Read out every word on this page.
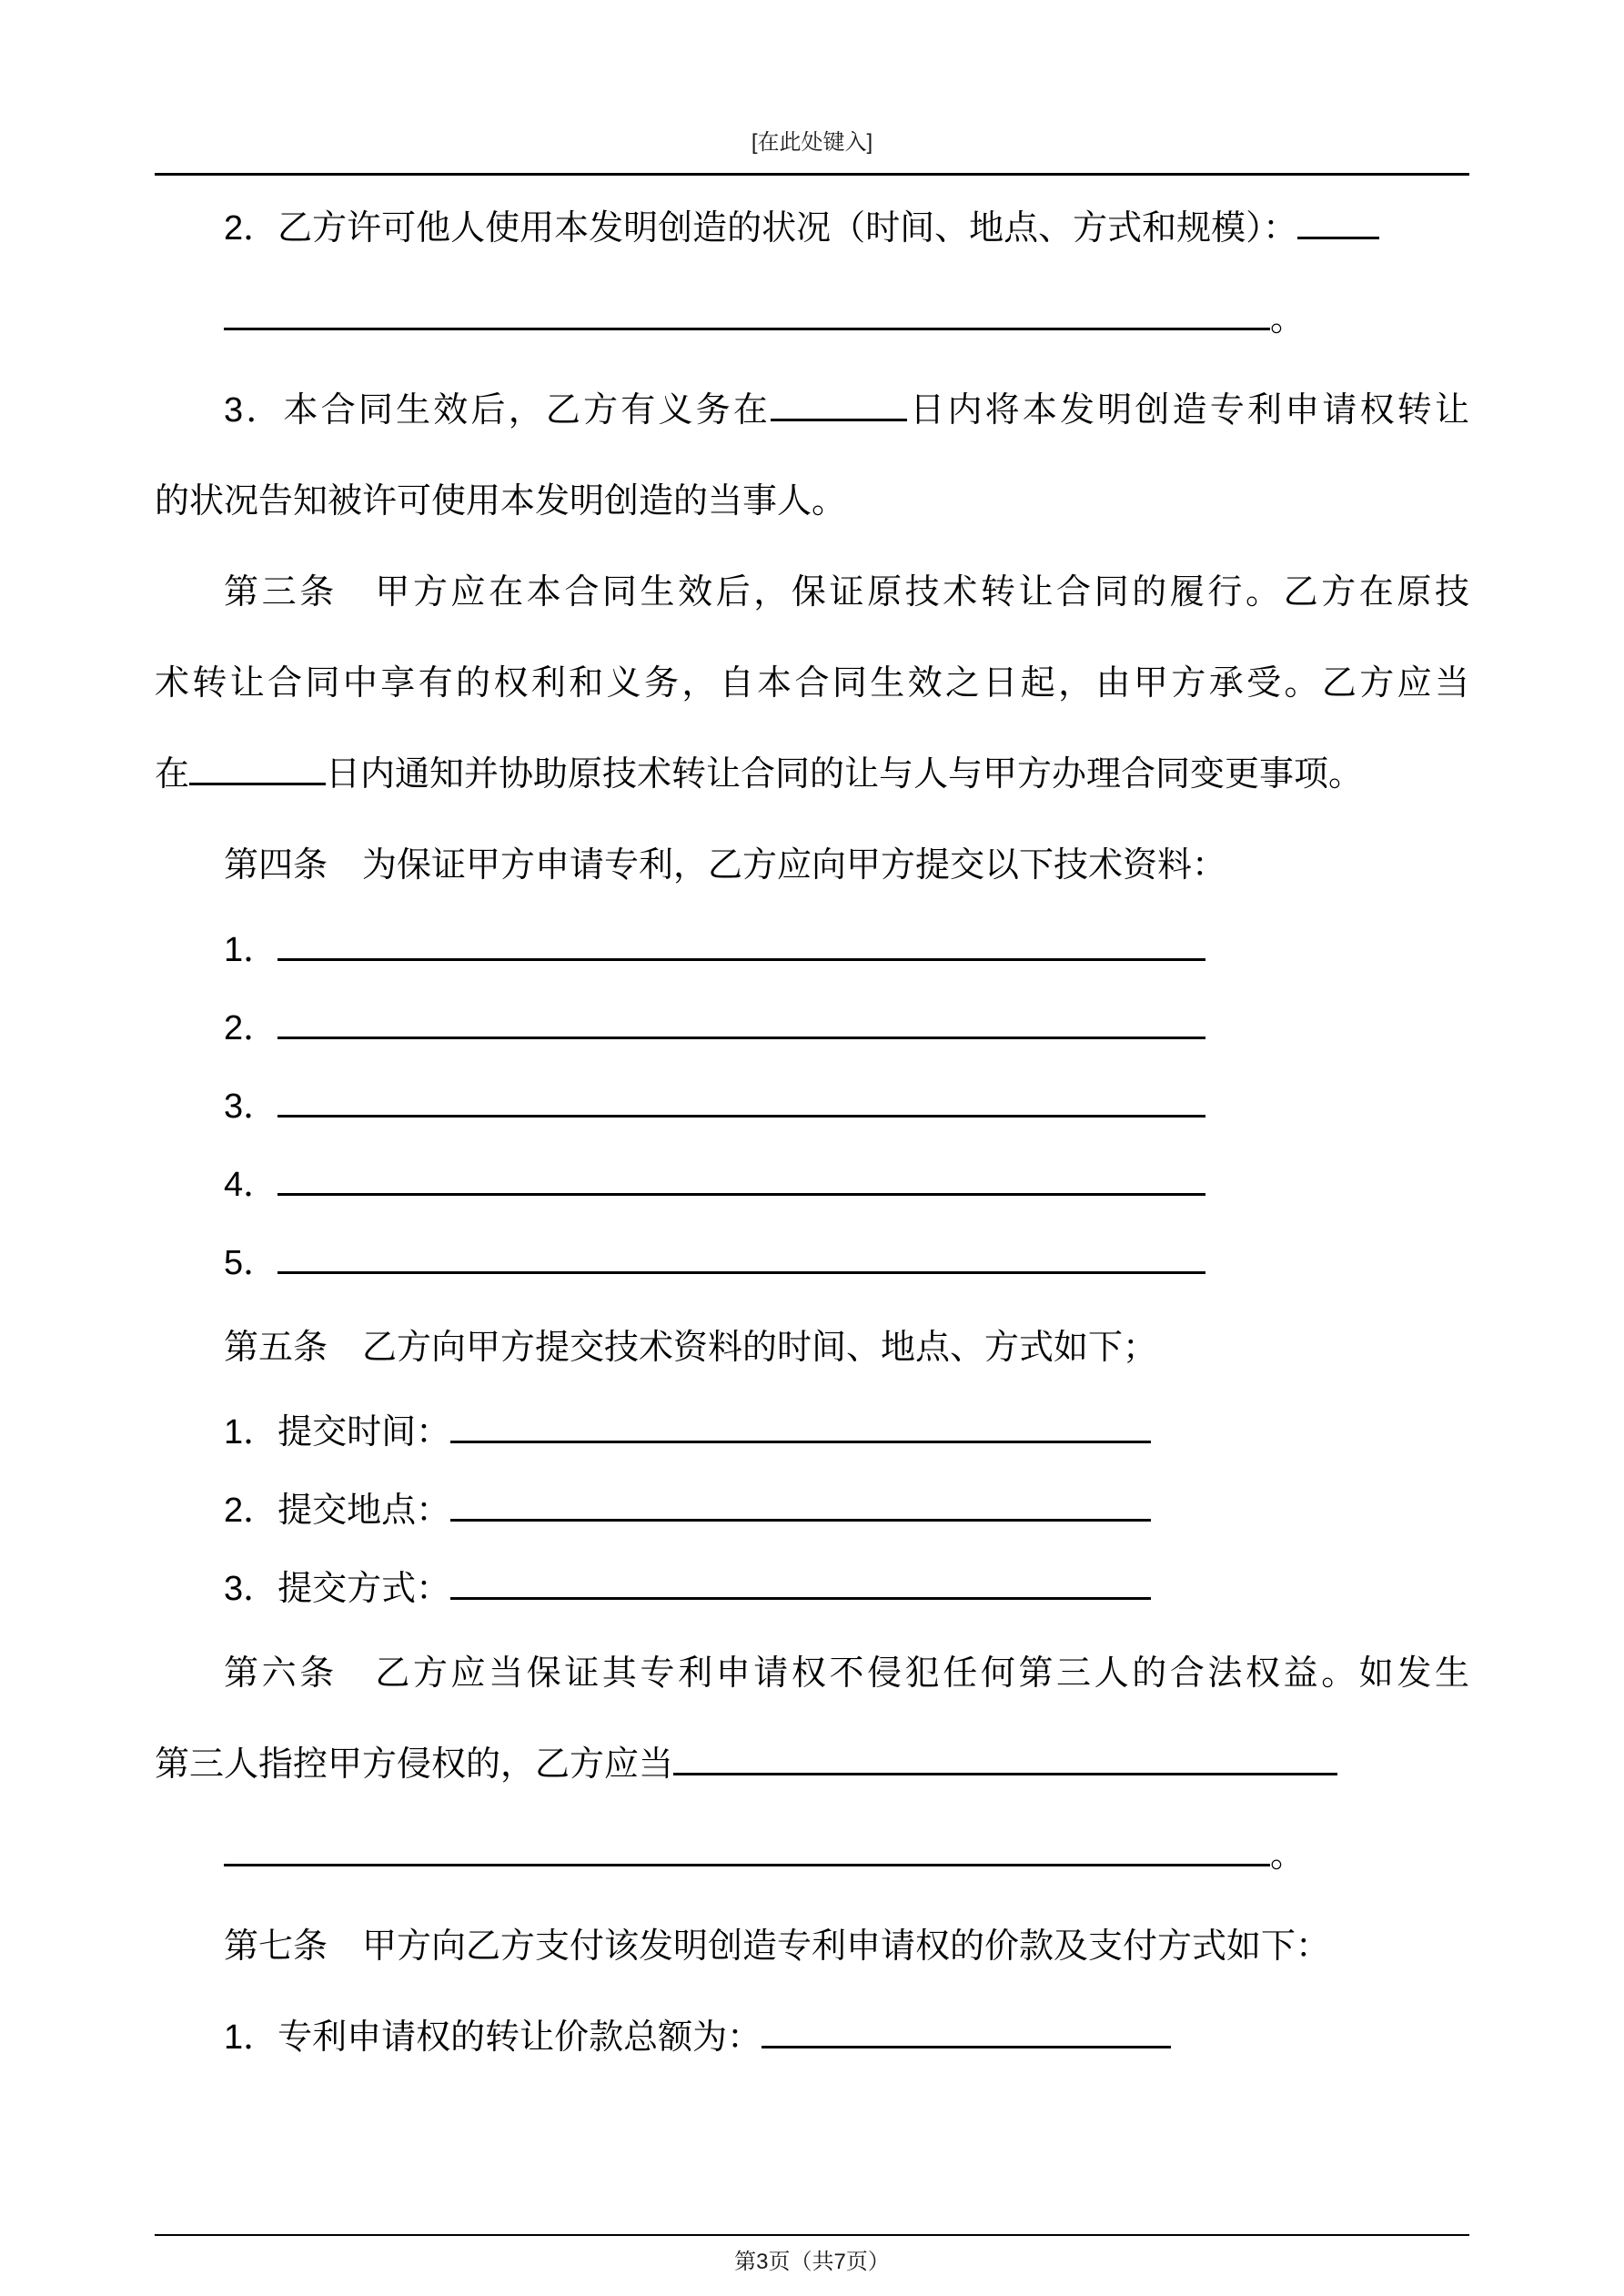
[在此处键入]

2．乙方许可他人使用本发明创造的状况（时间、地点、方式和规模）：

。

3．本合同生效后，乙方有义务在	日内将本发明创造专利申请权转让
的状况告知被许可使用本发明创造的当事人。
第三条　甲方应在本合同生效后，保证原技术转让合同的履行。乙方在原技
术转让合同中享有的权利和义务，自本合同生效之日起，由甲方承受。乙方应当
在	日内通知并协助原技术转让合同的让与人与甲方办理合同变更事项。

第四条　为保证甲方申请专利，乙方应向甲方提交以下技术资料：

1．

2．

3．

4．

5．

第五条　乙方向甲方提交技术资料的时间、地点、方式如下；

1．提交时间：

2．提交地点：

3．提交方式：

第六条　乙方应当保证其专利申请权不侵犯任何第三人的合法权益。如发生
第三人指控甲方侵权的，乙方应当

。

第七条　甲方向乙方支付该发明创造专利申请权的价款及支付方式如下：

1．专利申请权的转让价款总额为：

第3页（共7页）
